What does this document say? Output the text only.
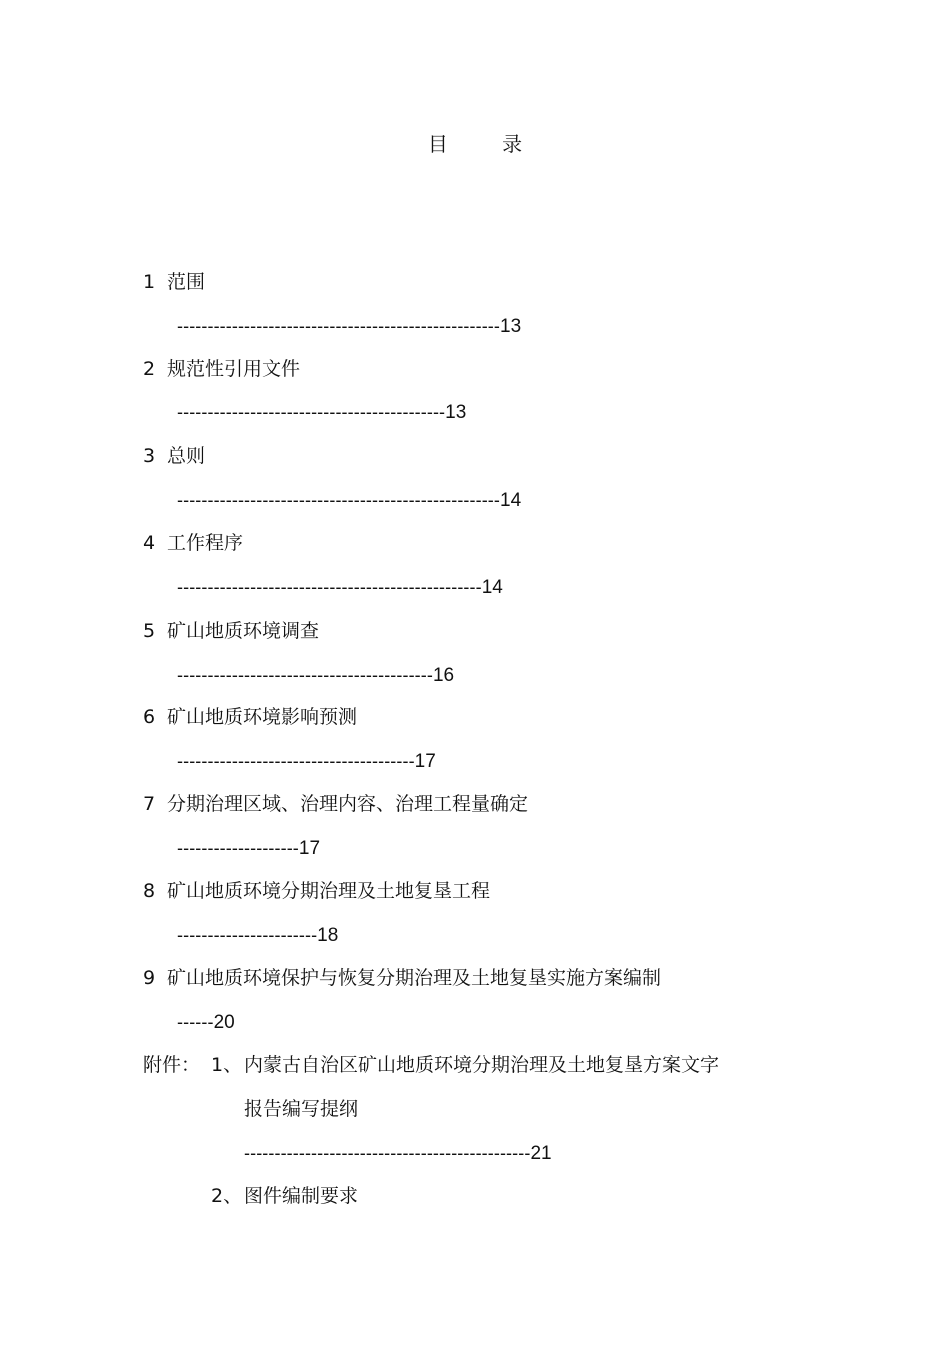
目 录
1 范围
-----------------------------------------------------13
2 规范性引用文件
--------------------------------------------13
3 总则
-----------------------------------------------------14
4 工作程序
--------------------------------------------------14
5 矿山地质环境调查
------------------------------------------16
6 矿山地质环境影响预测
---------------------------------------17
7 分期治理区域、治理内容、治理工程量确定
--------------------17
8 矿山地质环境分期治理及土地复垦工程
-----------------------18
9 矿山地质环境保护与恢复分期治理及土地复垦实施方案编制
------20
附件： 1、 内蒙古自治区矿山地质环境分期治理及土地复垦方案文字
报告编写提纲
-----------------------------------------------21
2、 图件编制要求
